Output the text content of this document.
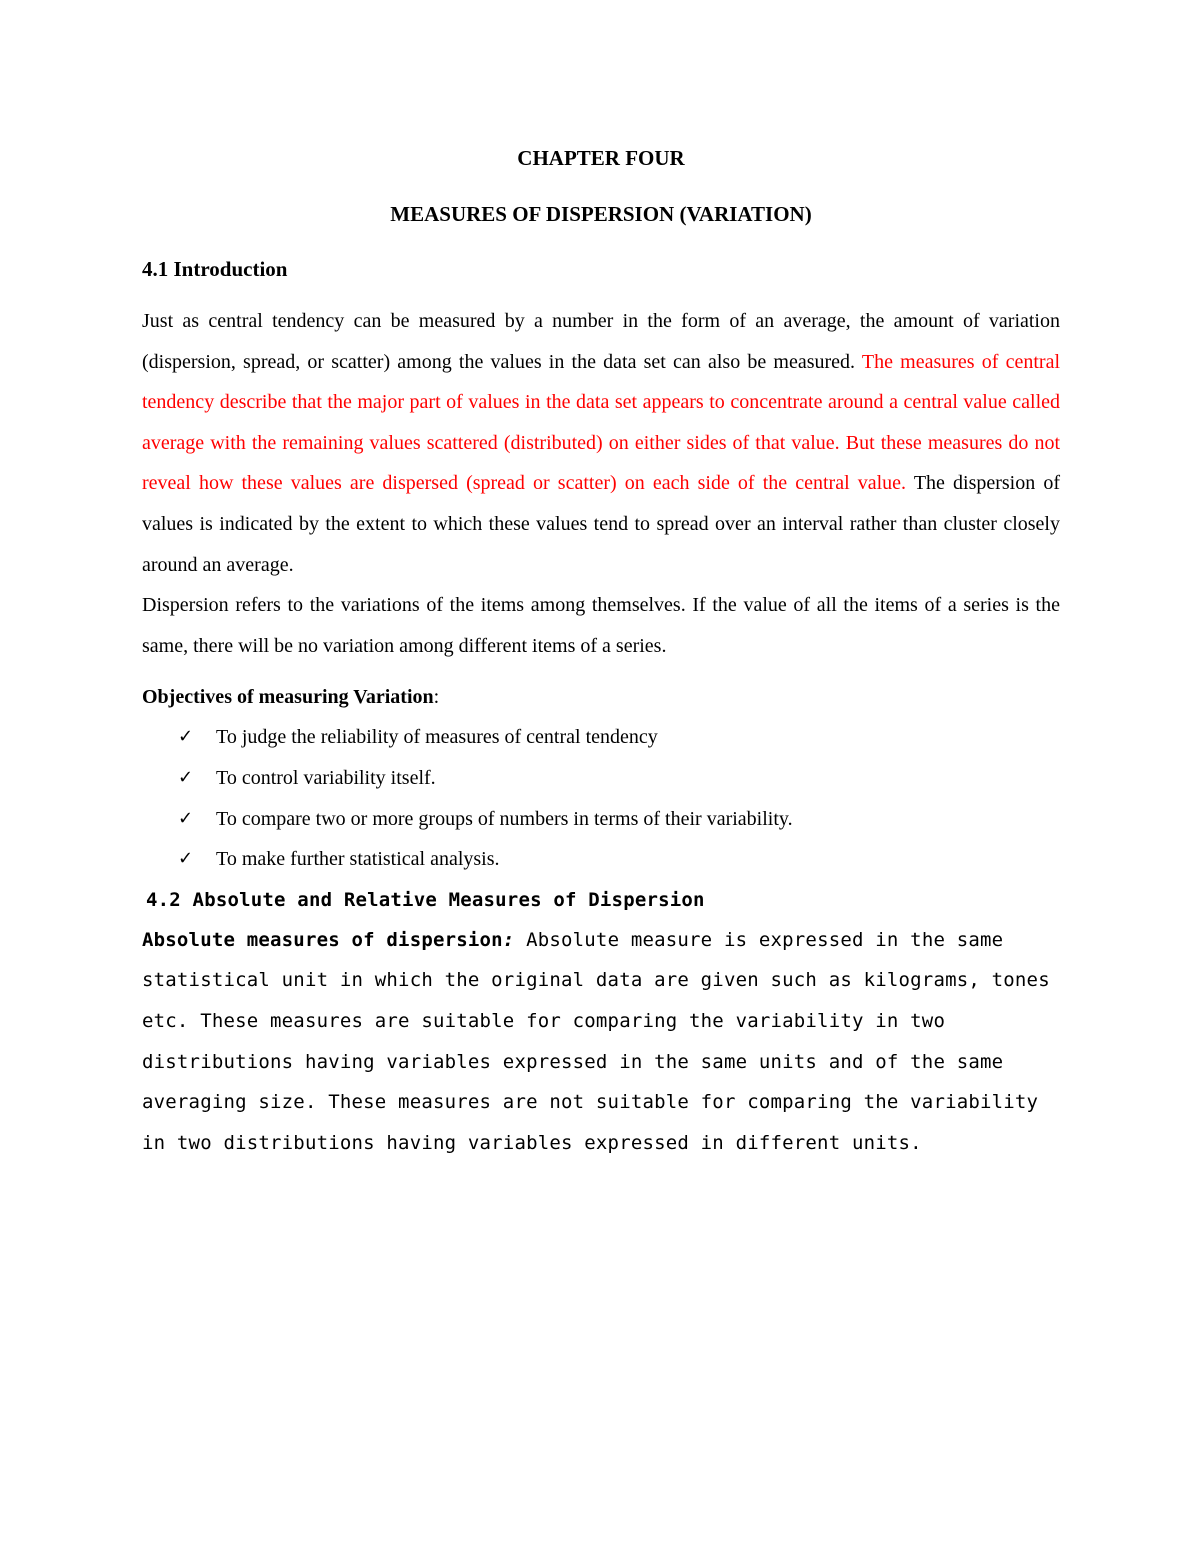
CHAPTER FOUR
MEASURES OF DISPERSION (VARIATION)
4.1 Introduction

Just as central tendency can be measured by a number in the form of an average, the amount of variation (dispersion, spread, or scatter) among the values in the data set can also be measured. The measures of central tendency describe that the major part of values in the data set appears to concentrate around a central value called average with the remaining values scattered (distributed) on either sides of that value. But these measures do not reveal how these values are dispersed (spread or scatter) on each side of the central value. The dispersion of values is indicated by the extent to which these values tend to spread over an interval rather than cluster closely around an average.

Dispersion refers to the variations of the items among themselves. If the value of all the items of a series is the same, there will be no variation among different items of a series.

Objectives of measuring Variation:
✓ To judge the reliability of measures of central tendency
✓ To control variability itself.
✓ To compare two or more groups of numbers in terms of their variability.
✓ To make further statistical analysis.
4.2 Absolute and Relative Measures of Dispersion

Absolute measures of dispersion: Absolute measure is expressed in the same statistical unit in which the original data are given such as kilograms, tones etc. These measures are suitable for comparing the variability in two distributions having variables expressed in the same units and of the same averaging size. These measures are not suitable for comparing the variability in two distributions having variables expressed in different units.
